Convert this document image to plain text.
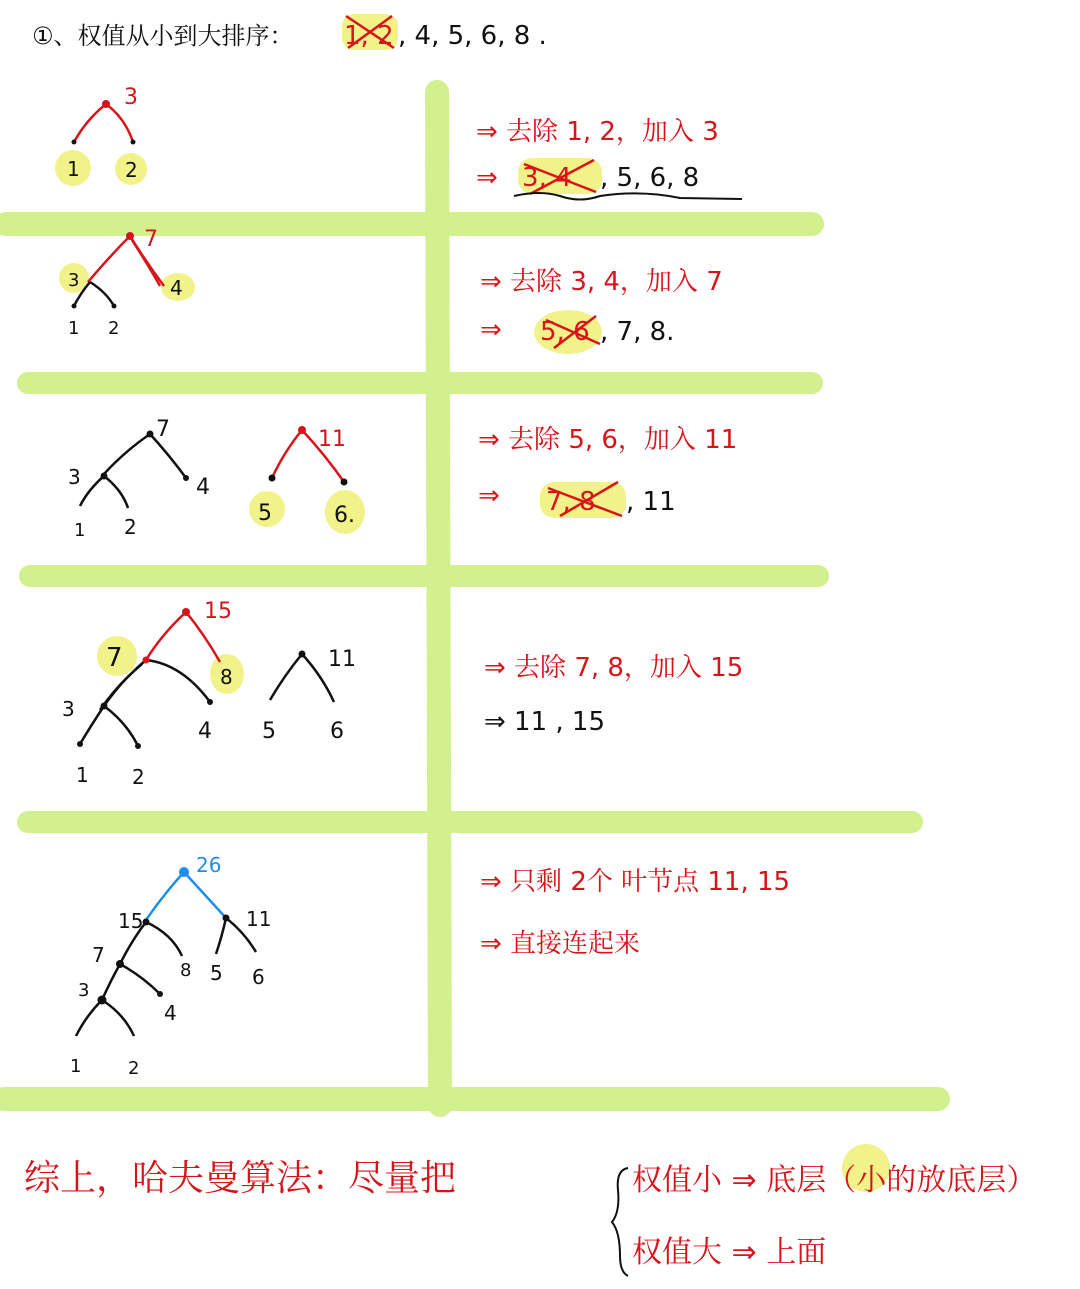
①、权值从小到大排序： 1, 2 , 4, 5, 6, 8 .
3
1 2
⇒ 去除 1, 2，加入 3
⇒ 3, 4 , 5, 6, 8
7
3	4
1 2
⇒ 去除 3, 4，加入 7
⇒ 5, 6 , 7, 8.
7
3	4
1 2
11
5	6.
⇒ 去除 5, 6，加入 11
⇒ 7, 8 , 11
15
7
8
4
3
1 2
11
5 6
⇒ 去除 7, 8，加入 15
⇒ 11 , 15
26
15	11
7
8 5 6
3
4
1	2
⇒ 只剩 2个 叶节点 11, 15
⇒ 直接连起来
综上，哈夫曼算法：尽量把	权值小 ⇒ 底层（小的放底层）
权值大 ⇒ 上面
